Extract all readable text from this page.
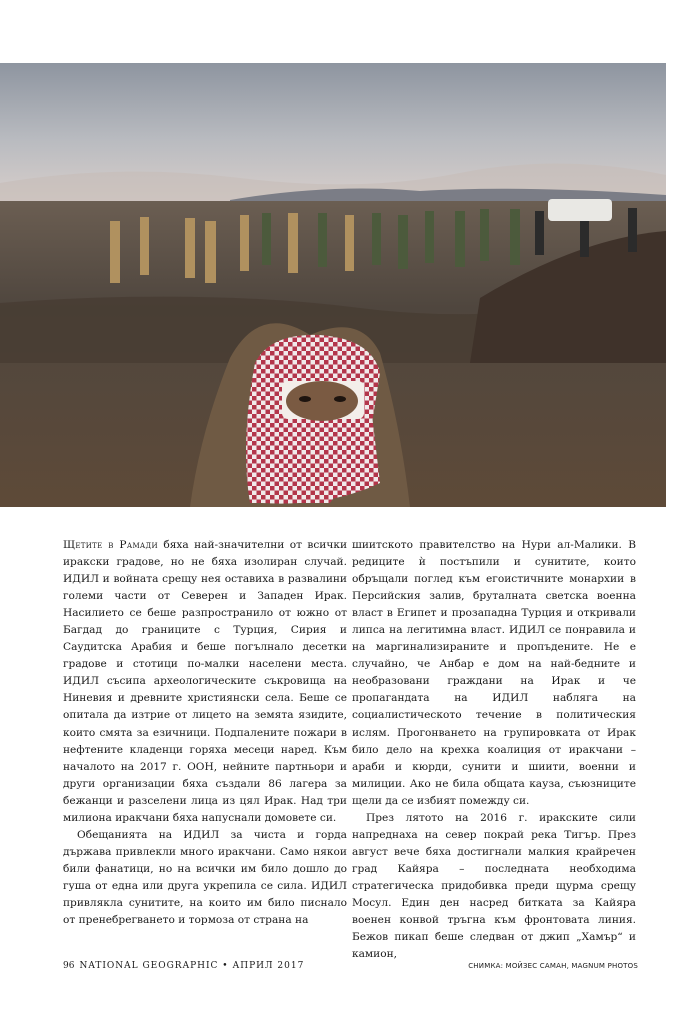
Щетите в Рамади бяха най-значителни от всички иракски градове, но не бяха изолиран случай. ИДИЛ и войната срещу нея оставиха в развалини големи части от Северен и Западен Ирак. Насилието се беше разпространило от южно от Багдад до границите с Турция, Сирия и Саудитска Арабия и беше погълнало десетки градове и стотици по-малки населени места. ИДИЛ съсипа археологическите съкровища на Ниневия и древните християнски села. Беше се опитала да изтрие от лицето на земята язидите, които смята за езичници. Подпалените пожари в нефтените кладенци горяха месеци наред. Към началото на 2017 г. ООН, нейните партньори и други организации бяха създали 86 лагера за бежанци и разселени лица из цял Ирак. Над три милиона иракчани бяха напуснали домовете си.

Обещанията на ИДИЛ за чиста и горда държава привлекли много иракчани. Само някои били фанатици, но на всички им било дошло до гуша от една или друга укрепила се сила. ИДИЛ привлякла сунитите, на които им било писнало от пренебрегването и тормоза от страна на

шиитското правителство на Нури ал-Малики. В редиците ѝ постъпили и сунитите, които обръщали поглед към егоистичните монархии в Персийския залив, бруталната светска военна власт в Египет и прозападна Турция и откривали липса на легитимна власт. ИДИЛ се понравила и на маргинализираните и пропъдените. Не е случайно, че Анбар е дом на най-бедните и необразовани граждани на Ирак и че пропагандата на ИДИЛ набляга на социалистическото течение в политическия ислям. Прогонването на групировката от Ирак било дело на крехка коалиция от иракчани – араби и кюрди, сунити и шиити, военни и милиции. Ако не била общата кауза, съюзниците щели да се избият помежду си.

През лятото на 2016 г. иракските сили напреднаха на север покрай река Тигър. През август вече бяха достигнали малкия крайречен град Кайяра – последната необходима стратегическа придобивка преди щурма срещу Мосул. Един ден насред битката за Кайяра военен конвой тръгна към фронтовата линия. Бежов пикап беше следван от джип „Хамър“ и камион,

96 NATIONAL GEOGRAPHIC • АПРИЛ 2017	СНИМКА: МОЙЗЕС САМАН, MAGNUM PHOTOS
